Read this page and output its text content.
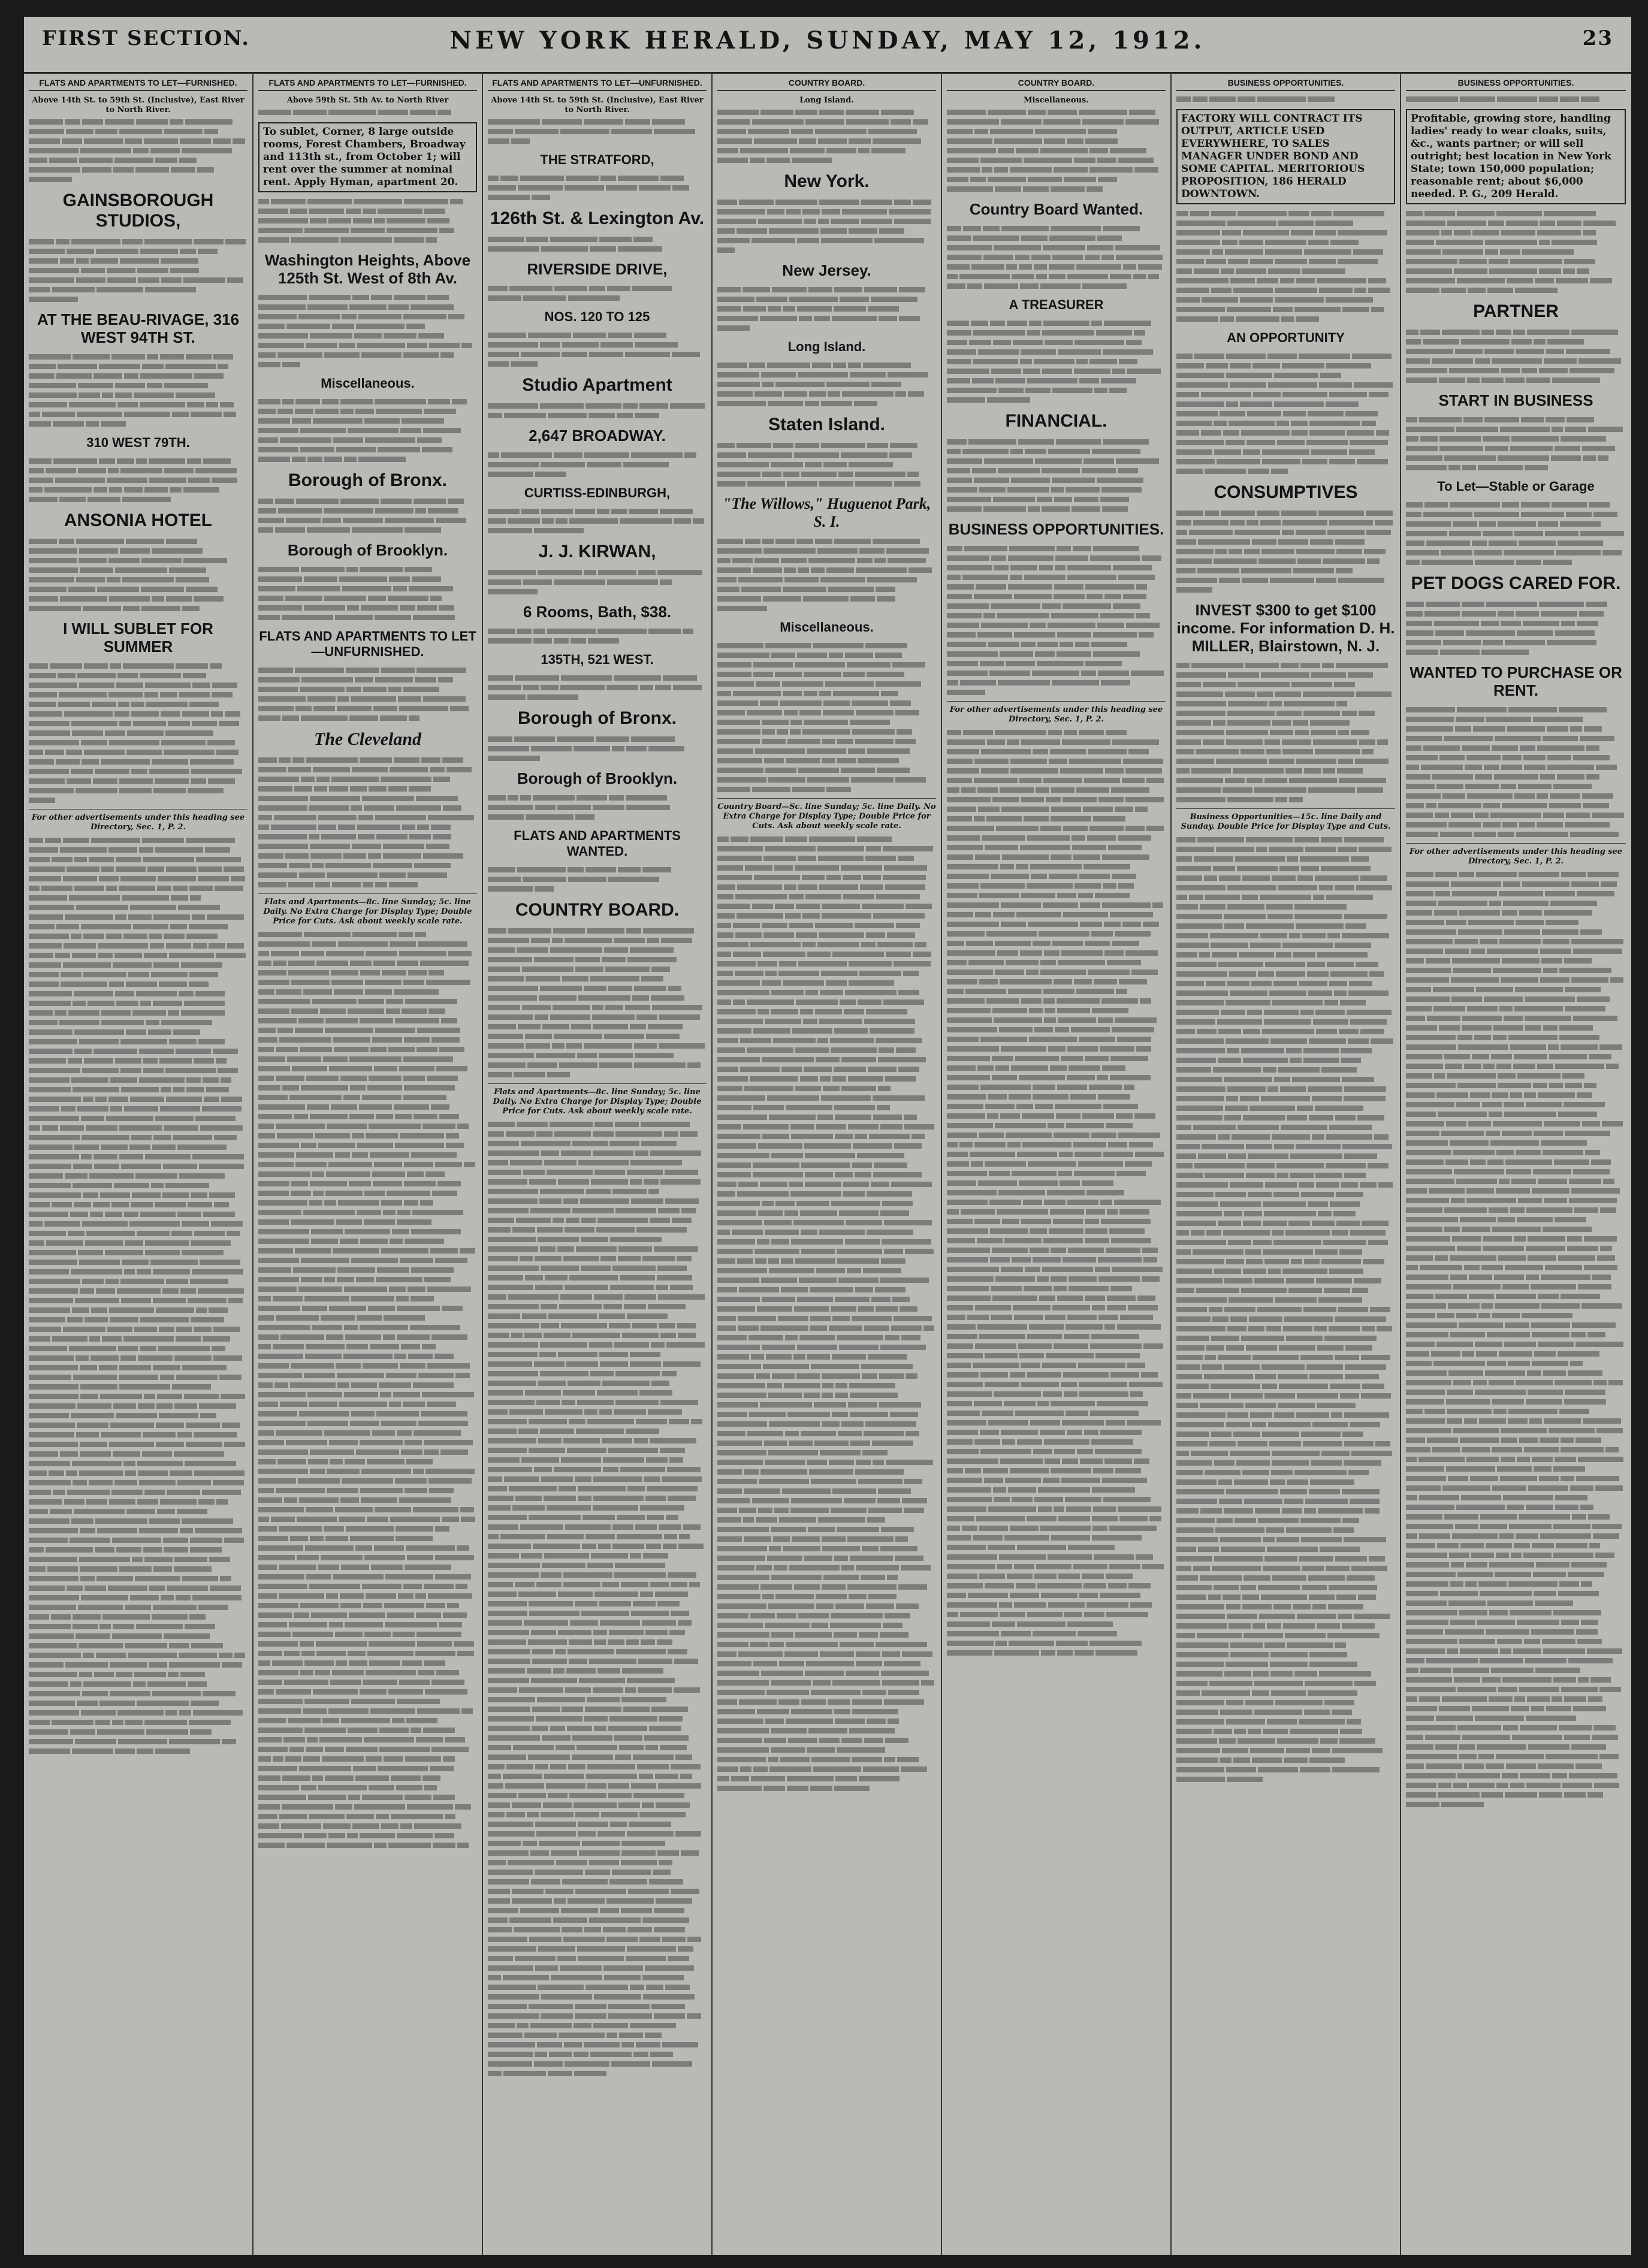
FIRST SECTION.	NEW YORK HERALD, SUNDAY, MAY 12, 1912.	23
FLATS AND APARTMENTS TO LET—FURNISHED.
Above 14th St. to 59th St. (Inclusive), East River to North River.
GAINSBOROUGH STUDIOS,
AT THE BEAU-RIVAGE, 316 WEST 94TH ST.
310 WEST 79TH.
ANSONIA HOTEL
I WILL SUBLET FOR SUMMER
For other advertisements under this heading see Directory, Sec. 1, P. 2.
FLATS AND APARTMENTS TO LET—FURNISHED.
Above 59th St. 5th Av. to North River
To sublet, Corner, 8 large outside rooms, Forest Chambers, Broadway and 113th st., from October 1; will rent over the summer at nominal rent. Apply Hyman, apartment 20.
Washington Heights, Above 125th St. West of 8th Av.
Miscellaneous.
Borough of Bronx.
Borough of Brooklyn.
FLATS AND APARTMENTS TO LET—UNFURNISHED.
The Cleveland
Flats and Apartments—8c. line Sunday; 5c. line Daily. No Extra Charge for Display Type; Double Price for Cuts. Ask about weekly scale rate.
FLATS AND APARTMENTS TO LET—UNFURNISHED.
Above 14th St. to 59th St. (Inclusive), East River to North River.
THE STRATFORD,
126th St. & Lexington Av.
RIVERSIDE DRIVE,
NOS. 120 TO 125
Studio Apartment
2,647 BROADWAY.
CURTISS-EDINBURGH,
J. J. KIRWAN,
6 Rooms, Bath, $38.
135TH, 521 WEST.
Borough of Bronx.
Borough of Brooklyn.
FLATS AND APARTMENTS WANTED.
COUNTRY BOARD.
Flats and Apartments—8c. line Sunday; 5c. line Daily. No Extra Charge for Display Type; Double Price for Cuts. Ask about weekly scale rate.
COUNTRY BOARD.
Long Island.
New York.
New Jersey.
Long Island.
Staten Island.
"The Willows," Huguenot Park, S. I.
Miscellaneous.
Country Board—Sc. line Sunday; 5c. line Daily. No Extra Charge for Display Type; Double Price for Cuts. Ask about weekly scale rate.
COUNTRY BOARD.
Miscellaneous.
Country Board Wanted.
A TREASURER
FINANCIAL.
BUSINESS OPPORTUNITIES.
For other advertisements under this heading see Directory, Sec. 1, P. 2.
BUSINESS OPPORTUNITIES.
FACTORY WILL CONTRACT ITS OUTPUT, ARTICLE USED EVERYWHERE, TO SALES MANAGER UNDER BOND AND SOME CAPITAL. MERITORIOUS PROPOSITION, 186 HERALD DOWNTOWN.
AN OPPORTUNITY
CONSUMPTIVES
INVEST $300 to get $100 income. For information D. H. MILLER, Blairstown, N. J.
Business Opportunities—15c. line Daily and Sunday. Double Price for Display Type and Cuts.
BUSINESS OPPORTUNITIES.
Profitable, growing store, handling ladies' ready to wear cloaks, suits, &c., wants partner; or will sell outright; best location in New York State; town 150,000 population; reasonable rent; about $6,000 needed. P. G., 209 Herald.
PARTNER
START IN BUSINESS
To Let—Stable or Garage
PET DOGS CARED FOR.
WANTED TO PURCHASE OR RENT.
For other advertisements under this heading see Directory, Sec. 1, P. 2.
